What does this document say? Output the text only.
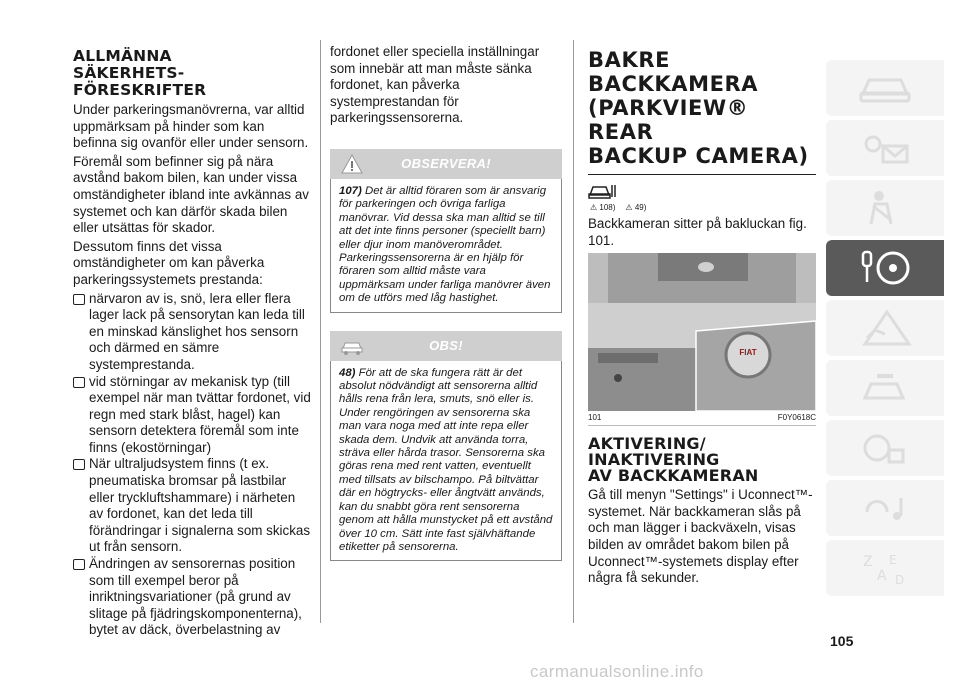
ALLMÄNNA
SÄKERHETS-
FÖRESKRIFTER

Under parkeringsmanövrerna, var alltid uppmärksam på hinder som kan befinna sig ovanför eller under sensorn.

Föremål som befinner sig på nära avstånd bakom bilen, kan under vissa omständigheter ibland inte avkännas av systemet och kan därför skada bilen eller utsättas för skador.

Dessutom finns det vissa omständigheter om kan påverka parkeringssystemets prestanda:

närvaron av is, snö, lera eller flera lager lack på sensorytan kan leda till en minskad känslighet hos sensorn och därmed en sämre systemprestanda.
vid störningar av mekanisk typ (till exempel när man tvättar fordonet, vid regn med stark blåst, hagel) kan sensorn detektera föremål som inte finns (ekostörningar)
När ultraljudsystem finns (t ex. pneumatiska bromsar på lastbilar eller tryckluftshammare) i närheten av fordonet, kan det leda till förändringar i signalerna som skickas ut från sensorn.
Ändringen av sensorernas position som till exempel beror på inriktningsvariationer (på grund av slitage på fjädringskomponenterna), bytet av däck, överbelastning av

fordonet eller speciella inställningar som innebär att man måste sänka fordonet, kan påverka systemprestandan för parkeringssensorerna.

OBSERVERA!

107) Det är alltid föraren som är ansvarig för parkeringen och övriga farliga manövrar. Vid dessa ska man alltid se till att det inte finns personer (speciellt barn) eller djur inom manöverområdet. Parkeringssensorerna är en hjälp för föraren som alltid måste vara uppmärksam under farliga manövrer även om de utförs med låg hastighet.

OBS!

48) För att de ska fungera rätt är det absolut nödvändigt att sensorerna alltid hålls rena från lera, smuts, snö eller is. Under rengöringen av sensorerna ska man vara noga med att inte repa eller skada dem. Undvik att använda torra, sträva eller hårda trasor. Sensorerna ska göras rena med rent vatten, eventuellt med tillsats av bilschampo. På biltvättar där en högtrycks- eller ångtvätt används, kan du snabbt göra rent sensorerna genom att hålla munstycket på ett avstånd över 10 cm. Sätt inte fast självhäftande etiketter på sensorerna.

BAKRE
BACKKAMERA
(PARKVIEW® REAR
BACKUP CAMERA)
⚠ 108) ⚠ 49)

Backkameran sitter på bakluckan fig. 101.

FIAT
101	F0Y0618C
AKTIVERING/
INAKTIVERING
AV BACKKAMERAN

Gå till menyn "Settings" i Uconnect™-systemet. När backkameran slås på och man lägger i backväxeln, visas bilden av området bakom bilen på Uconnect™-systemets display efter några få sekunder.

Z E
A D
105
carmanualsonline.info
